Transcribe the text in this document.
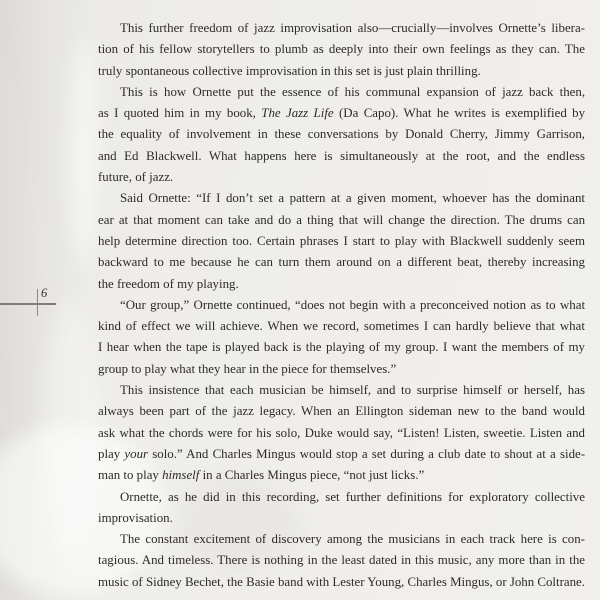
6
This further freedom of jazz improvisation also—crucially—involves Ornette’s libera-
tion of his fellow storytellers to plumb as deeply into their own feelings as they can. The
truly spontaneous collective improvisation in this set is just plain thrilling.
This is how Ornette put the essence of his communal expansion of jazz back then,
as I quoted him in my book, The Jazz Life (Da Capo). What he writes is exemplified by
the equality of involvement in these conversations by Donald Cherry, Jimmy Garrison,
and Ed Blackwell. What happens here is simultaneously at the root, and the endless
future, of jazz.
Said Ornette: “If I don’t set a pattern at a given moment, whoever has the dominant
ear at that moment can take and do a thing that will change the direction. The drums can
help determine direction too. Certain phrases I start to play with Blackwell suddenly seem
backward to me because he can turn them around on a different beat, thereby increasing
the freedom of my playing.
“Our group,” Ornette continued, “does not begin with a preconceived notion as to what
kind of effect we will achieve. When we record, sometimes I can hardly believe that what
I hear when the tape is played back is the playing of my group. I want the members of my
group to play what they hear in the piece for themselves.”
This insistence that each musician be himself, and to surprise himself or herself, has
always been part of the jazz legacy. When an Ellington sideman new to the band would
ask what the chords were for his solo, Duke would say, “Listen! Listen, sweetie. Listen and
play your solo.” And Charles Mingus would stop a set during a club date to shout at a side-
man to play himself in a Charles Mingus piece, “not just licks.”
Ornette, as he did in this recording, set further definitions for exploratory collective
improvisation.
The constant excitement of discovery among the musicians in each track here is con-
tagious. And timeless. There is nothing in the least dated in this music, any more than in the
music of Sidney Bechet, the Basie band with Lester Young, Charles Mingus, or John Coltrane.
